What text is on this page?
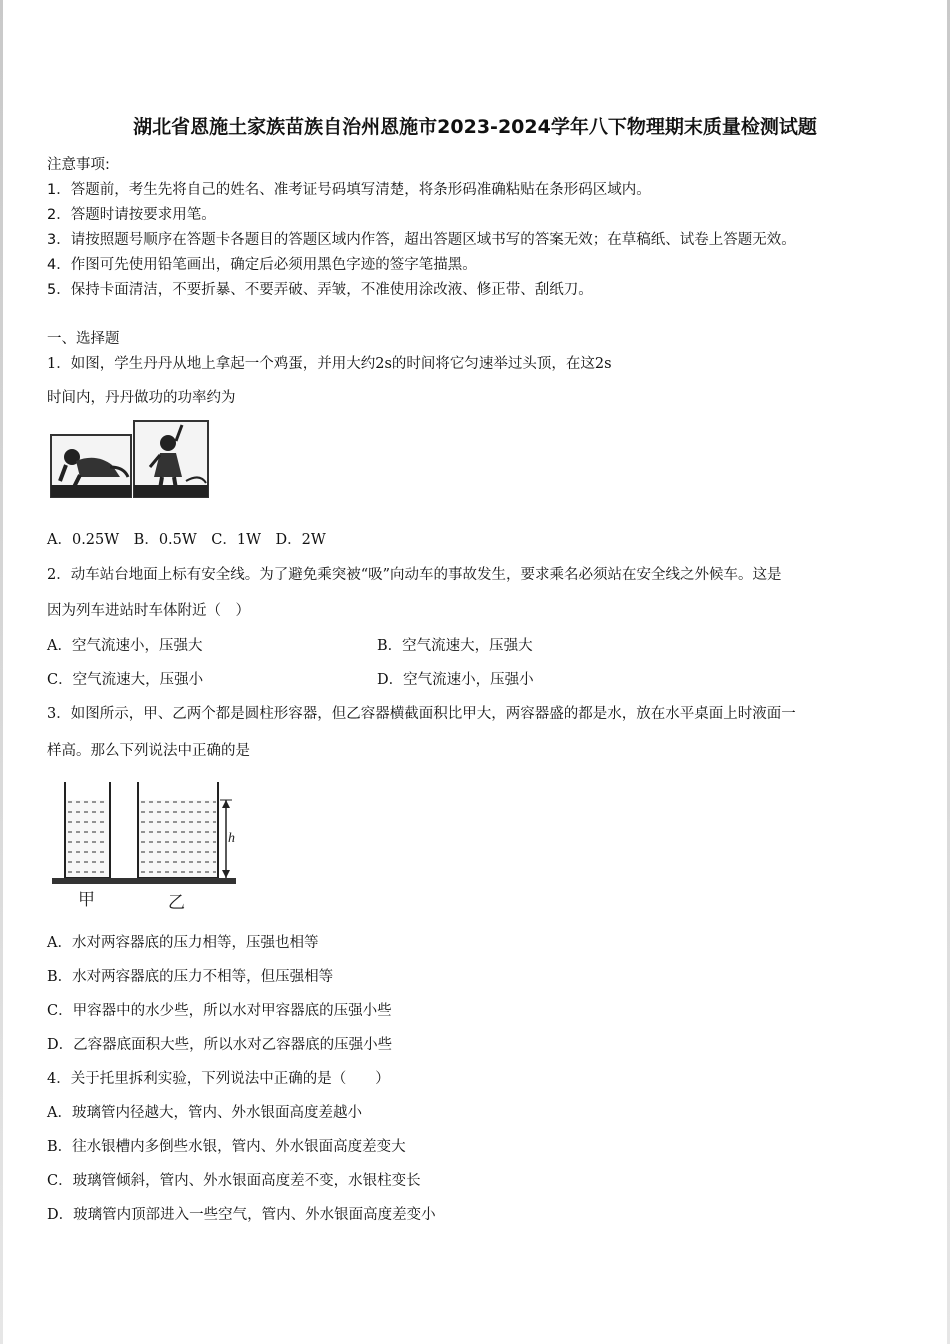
湖北省恩施土家族苗族自治州恩施市2023-2024学年八下物理期末质量检测试题
注意事项:
1．答题前，考生先将自己的姓名、准考证号码填写清楚，将条形码准确粘贴在条形码区域内。
2．答题时请按要求用笔。
3．请按照题号顺序在答题卡各题目的答题区域内作答，超出答题区域书写的答案无效；在草稿纸、试卷上答题无效。
4．作图可先使用铅笔画出，确定后必须用黑色字迹的签字笔描黑。
5．保持卡面清洁，不要折暴、不要弄破、弄皱，不准使用涂改液、修正带、刮纸刀。
一、选择题
1．如图，学生丹丹从地上拿起一个鸡蛋，并用大约2s的时间将它匀速举过头顶，在这2s
时间内，丹丹做功的功率约为
A．0.25W　B．0.5W　C．1W　D．2W
2．动车站台地面上标有安全线。为了避免乘突被“吸”向动车的事故发生，要求乘名必须站在安全线之外候车。这是
因为列车进站时车体附近（　）
A．空气流速小，压强大	B．空气流速大，压强大
C．空气流速大，压强小	D．空气流速小，压强小
3．如图所示，甲、乙两个都是圆柱形容器，但乙容器横截面积比甲大，两容器盛的都是水，放在水平桌面上时液面一
样高。那么下列说法中正确的是
h
甲	乙
A．水对两容器底的压力相等，压强也相等
B．水对两容器底的压力不相等，但压强相等
C．甲容器中的水少些，所以水对甲容器底的压强小些
D．乙容器底面积大些，所以水对乙容器底的压强小些
4．关于托里拆利实验，下列说法中正确的是（　　）
A．玻璃管内径越大，管内、外水银面高度差越小
B．往水银槽内多倒些水银，管内、外水银面高度差变大
C．玻璃管倾斜，管内、外水银面高度差不变，水银柱变长
D．玻璃管内顶部进入一些空气，管内、外水银面高度差变小
